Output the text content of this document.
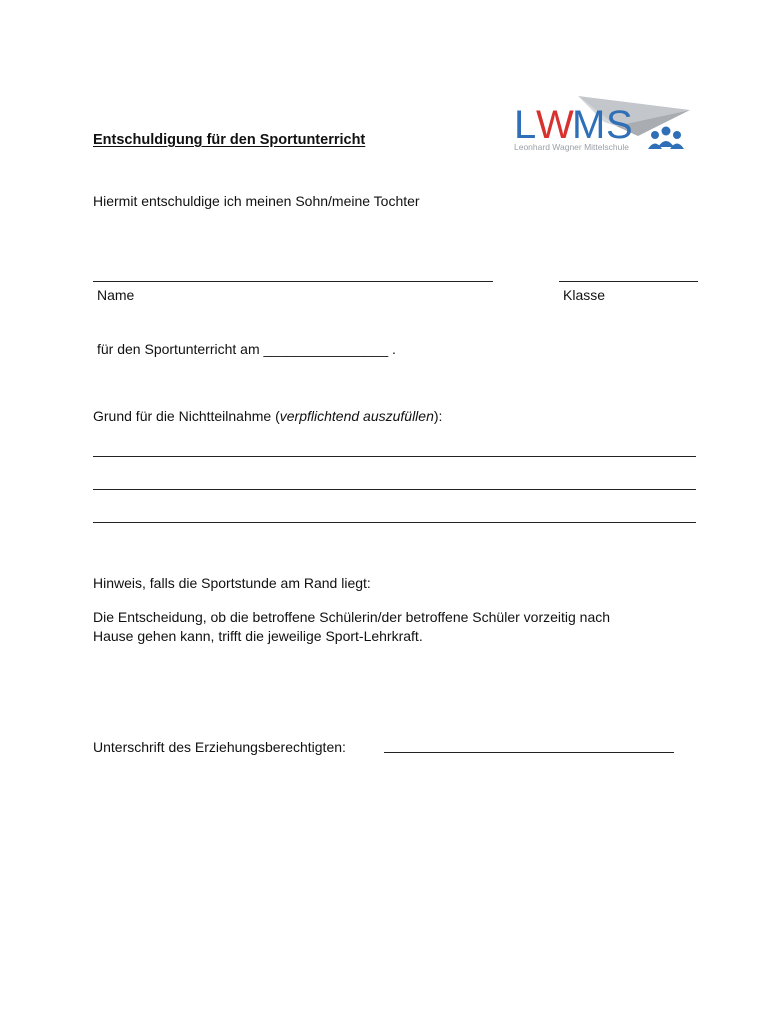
L W
M S
Leonhard Wagner Mittelschule
Entschuldigung für den Sportunterricht
Hiermit entschuldige ich meinen Sohn/meine Tochter
Name	Klasse
für den Sportunterricht am ________________ .
Grund für die Nichtteilnahme (verpflichtend auszufüllen):
Hinweis, falls die Sportstunde am Rand liegt:
Die Entscheidung, ob die betroffene Schülerin/der betroffene Schüler vorzeitig nach
Hause gehen kann, trifft die jeweilige Sport-Lehrkraft.
Unterschrift des Erziehungsberechtigten:
